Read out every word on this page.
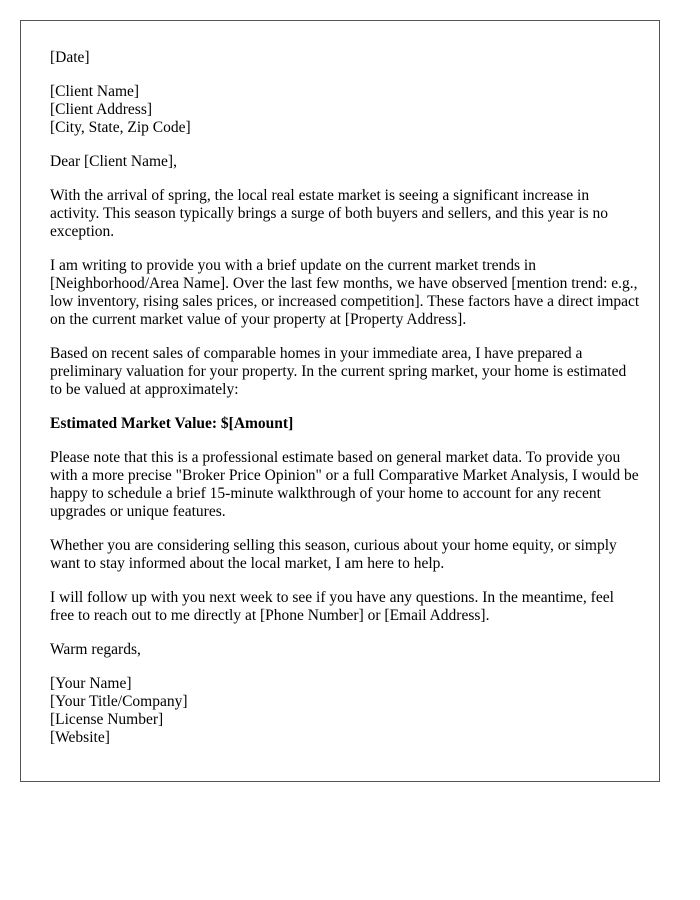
[Date]

[Client Name]

[Client Address]

[City, State, Zip Code]

Dear [Client Name],

With the arrival of spring, the local real estate market is seeing a significant increase in activity. This season typically brings a surge of both buyers and sellers, and this year is no exception.

I am writing to provide you with a brief update on the current market trends in [Neighborhood/Area Name]. Over the last few months, we have observed [mention trend: e.g., low inventory, rising sales prices, or increased competition]. These factors have a direct impact on the current market value of your property at [Property Address].

Based on recent sales of comparable homes in your immediate area, I have prepared a preliminary valuation for your property. In the current spring market, your home is estimated to be valued at approximately:

Estimated Market Value: $[Amount]

Please note that this is a professional estimate based on general market data. To provide you with a more precise "Broker Price Opinion" or a full Comparative Market Analysis, I would be happy to schedule a brief 15-minute walkthrough of your home to account for any recent upgrades or unique features.

Whether you are considering selling this season, curious about your home equity, or simply want to stay informed about the local market, I am here to help.

I will follow up with you next week to see if you have any questions. In the meantime, feel free to reach out to me directly at [Phone Number] or [Email Address].

Warm regards,

[Your Name]

[Your Title/Company]

[License Number]

[Website]
